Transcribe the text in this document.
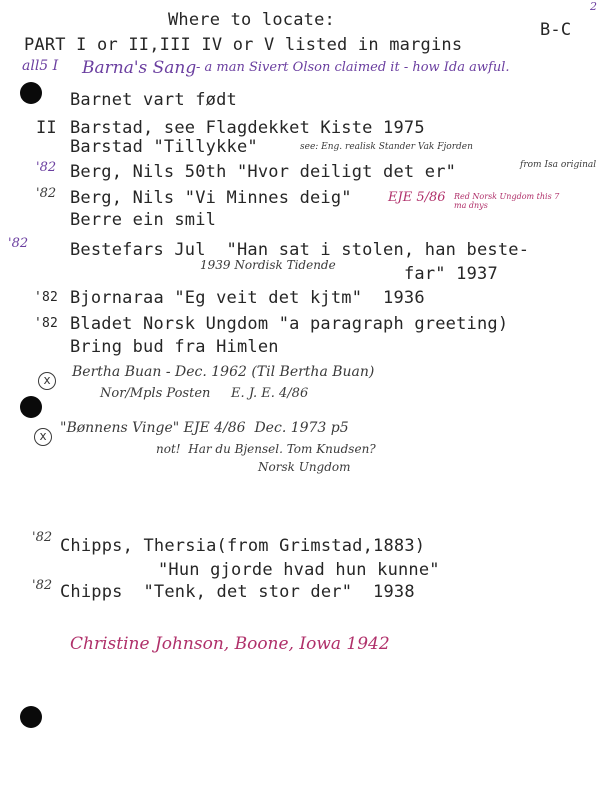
Where to locate:	B-C
2
PART I or II,III IV or V listed in margins
all5 I Barna's Sang - a man Sivert Olson claimed it - how Ida awful.
Barnet vart født
II Barstad, see Flagdekket Kiste 1975
Barstad "Tillykke"
'82 Berg, Nils 50th "Hvor deiligt det er"
see: Eng. realisk Stander Vak Fjorden
from Isa original
'82 Berg, Nils "Vi Minnes deig"	EJE 5/86 Red Norsk Ungdom this 7 ma dnys
Berre ein smil
'82 Bestefars Jul  "Han sat i stolen, han beste-
1939 Nordisk Tidende	far" 1937
'82 Bjornaraa "Eg veit det kjtm"  1936
'82 Bladet Norsk Ungdom "a paragraph greeting)
Bring bud fra Himlen
x	Bertha Buan - Dec. 1962 (Til Bertha Buan)
Nor/Mpls Posten     E. J. E. 4/86
x "Bønnens Vinge" EJE 4/86  Dec. 1973 p5
not!  Har du Bjensel. Tom Knudsen?
Norsk Ungdom
'82 Chipps, Thersia(from Grimstad,1883)
"Hun gjorde hvad hun kunne"
'82 Chipps  "Tenk, det stor der"  1938
Christine Johnson, Boone, Iowa 1942
